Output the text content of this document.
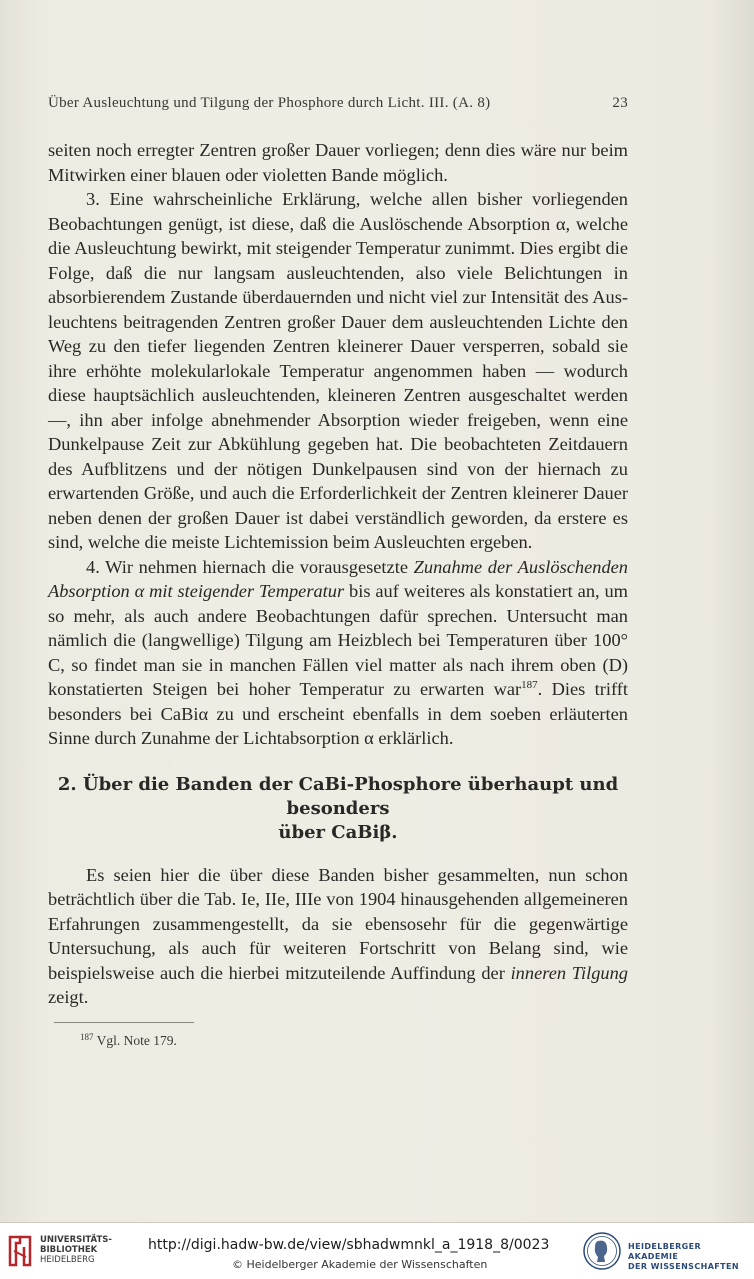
Über Ausleuchtung und Tilgung der Phosphore durch Licht. III. (A. 8)	23

seiten noch erregter Zentren großer Dauer vorliegen; denn dies wäre nur beim Mitwirken einer blauen oder violetten Bande möglich.

3. Eine wahrscheinliche Erklärung, welche allen bisher vorliegenden Beobachtungen genügt, ist diese, daß die Auslöschende Absorption α, welche die Ausleuchtung bewirkt, mit steigender Temperatur zunimmt. Dies ergibt die Folge, daß die nur langsam ausleuchtenden, also viele Belichtungen in absorbierendem Zustande überdauernden und nicht viel zur Intensität des Ausleuchtens beitragenden Zentren großer Dauer dem ausleuchtenden Lichte den Weg zu den tiefer liegenden Zentren kleinerer Dauer versperren, sobald sie ihre erhöhte molekularlokale Temperatur angenommen haben — wodurch diese hauptsächlich ausleuchtenden, kleineren Zentren ausgeschaltet werden —, ihn aber infolge abnehmender Absorption wieder freigeben, wenn eine Dunkelpause Zeit zur Abkühlung gegeben hat. Die beobachteten Zeitdauern des Aufblitzens und der nötigen Dunkelpausen sind von der hiernach zu erwartenden Größe, und auch die Erforderlichkeit der Zentren kleinerer Dauer neben denen der großen Dauer ist dabei verständlich geworden, da erstere es sind, welche die meiste Lichtemission beim Ausleuchten ergeben.

4. Wir nehmen hiernach die vorausgesetzte Zunahme der Auslöschenden Absorption α mit steigender Temperatur bis auf weiteres als konstatiert an, um so mehr, als auch andere Beobachtungen dafür sprechen. Untersucht man nämlich die (langwellige) Tilgung am Heizblech bei Temperaturen über 100° C, so findet man sie in manchen Fällen viel matter als nach ihrem oben (D) konstatierten Steigen bei hoher Temperatur zu erwarten war$^{187}$. Dies trifft besonders bei CaBiα zu und erscheint ebenfalls in dem soeben erläuterten Sinne durch Zunahme der Lichtabsorption α erklärlich.

2. Über die Banden der CaBi-Phosphore überhaupt und besonders
über CaBiβ.

Es seien hier die über diese Banden bisher gesammelten, nun schon beträchtlich über die Tab. Ie, IIe, IIIe von 1904 hinausgehenden allgemeineren Erfahrungen zusammengestellt, da sie ebensosehr für die gegenwärtige Untersuchung, als auch für weiteren Fortschritt von Belang sind, wie beispielsweise auch die hierbei mitzuteilende Auffindung der inneren Tilgung zeigt.

$^{187}$ Vgl. Note 179.
UNIVERSITÄTS-
BIBLIOTHEK
HEIDELBERG
http://digi.hadw-bw.de/view/sbhadwmnkl_a_1918_8/0023
© Heidelberger Akademie der Wissenschaften
HEIDELBERGER AKADEMIE
DER WISSENSCHAFTEN
